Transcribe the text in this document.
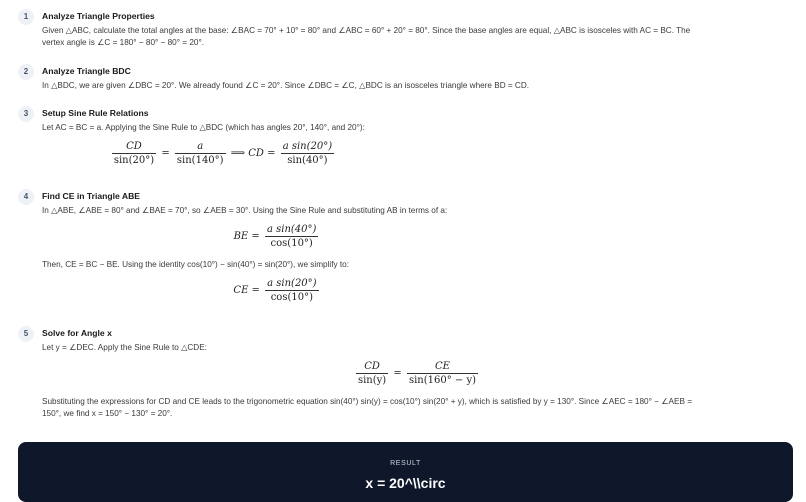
1	Analyze Triangle Properties
Given △ABC, calculate the total angles at the base: ∠BAC = 70° + 10° = 80° and ∠ABC = 60° + 20° = 80°. Since the base angles are equal, △ABC is isosceles with AC = BC. The
vertex angle is ∠C = 180° − 80° − 80° = 20°.
2	Analyze Triangle BDC
In △BDC, we are given ∠DBC = 20°. We already found ∠C = 20°. Since ∠DBC = ∠C, △BDC is an isosceles triangle where BD = CD.
3	Setup Sine Rule Relations
Let AC = BC = a. Applying the Sine Rule to △BDC (which has angles 20°, 140°, and 20°):
$\frac{CD}{\sin(20^\circ)} = \frac{a}{\sin(140^\circ)}$ ⟹ CD = $\frac{\text{a sin(20°)}}{\sin(40^\circ)}$
4	Find CE in Triangle ABE
In △ABE, ∠ABE = 80° and ∠BAE = 70°, so ∠AEB = 30°. Using the Sine Rule and substituting AB in terms of a:
BE = $\frac{\text{a sin(40°)}}{\cos(10^\circ)}$
Then, CE = BC − BE. Using the identity cos(10°) − sin(40°) = sin(20°), we simplify to:
CE = $\frac{\text{a sin(20°)}}{\cos(10^\circ)}$
5	Solve for Angle x
Let y = ∠DEC. Apply the Sine Rule to △CDE:
$\frac{CD}{\sin(y)} = \frac{CE}{\sin(160^\circ - y)}$
Substituting the expressions for CD and CE leads to the trigonometric equation sin(40°) sin(y) = cos(10°) sin(20° + y), which is satisfied by y = 130°. Since ∠AEC = 180° − ∠AEB =
150°, we find x = 150° − 130° = 20°.
RESULT
x = 20^\\circ
